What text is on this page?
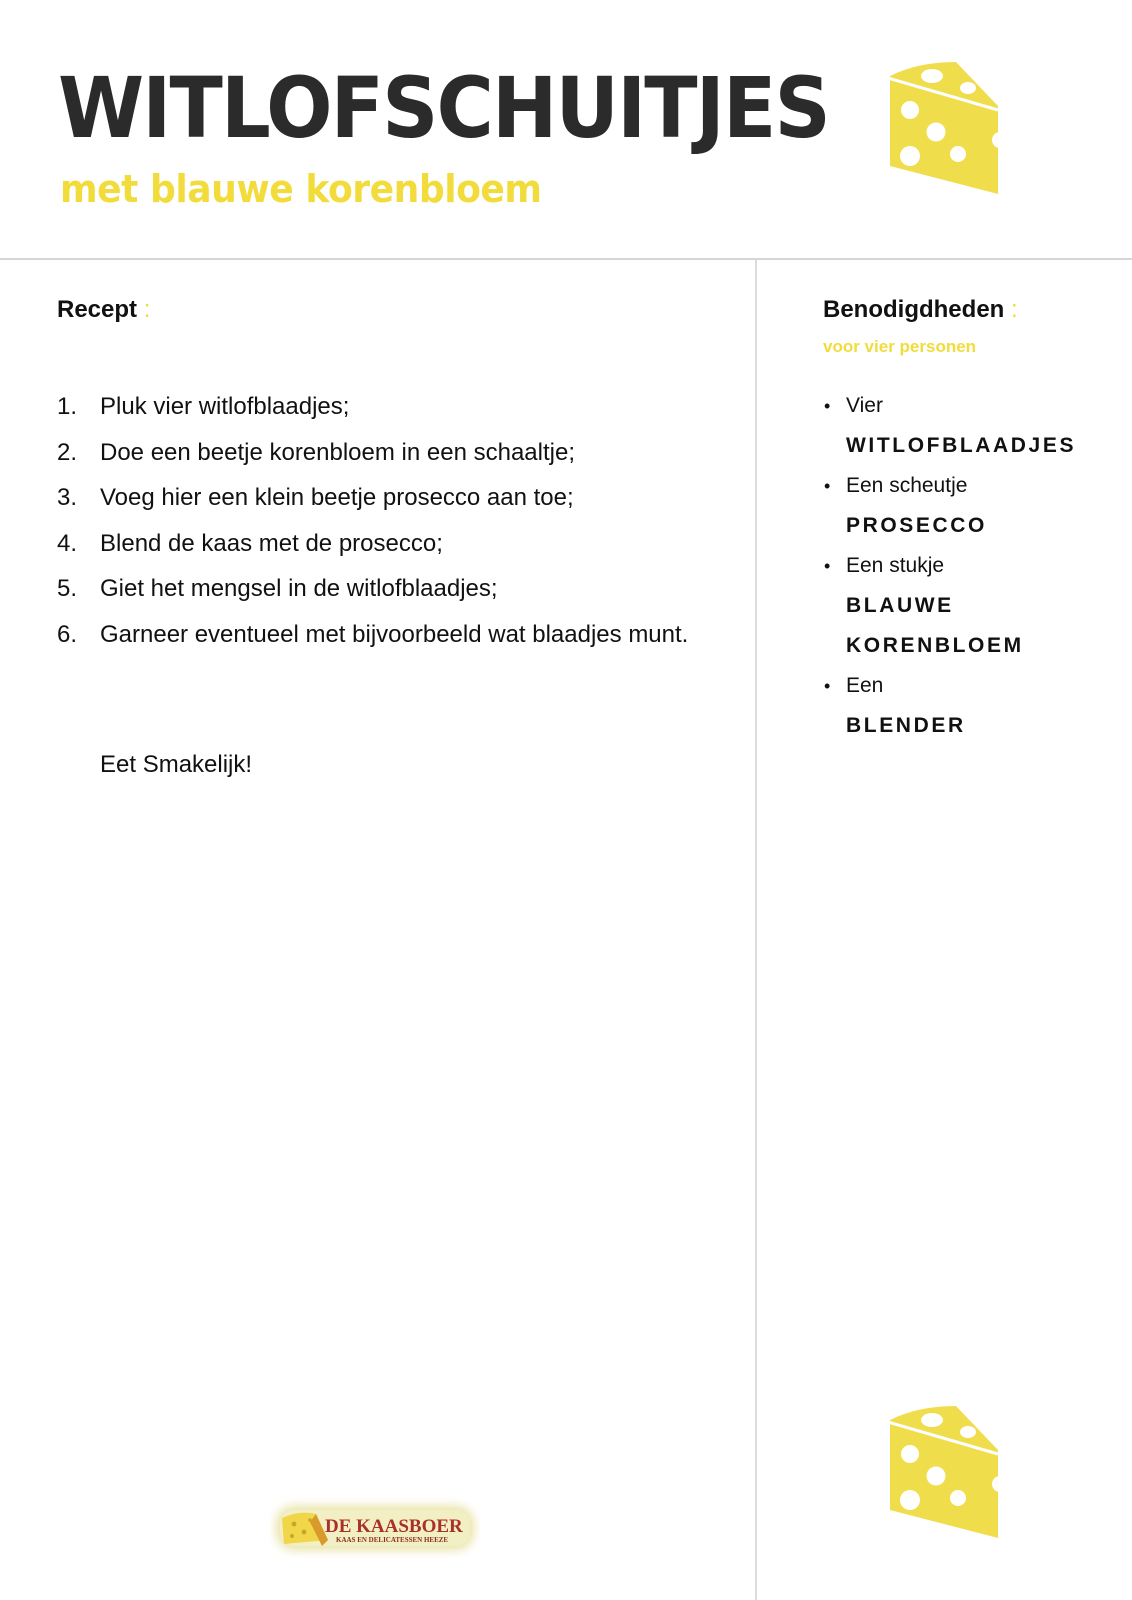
WITLOFSCHUITJES
met blauwe korenbloem
Recept :
1. Pluk vier witlofblaadjes;
2. Doe een beetje korenbloem in een schaaltje;
3. Voeg hier een klein beetje prosecco aan toe;
4. Blend de kaas met de prosecco;
5. Giet het mengsel in de witlofblaadjes;
6. Garneer eventueel met bijvoorbeeld wat blaadjes munt.
Eet Smakelijk!
Benodigdheden :
voor vier personen
• Vier
WITLOFBLAADJES
• Een scheutje
PROSECCO
• Een stukje
BLAUWE
KORENBLOEM
• Een
BLENDER
DE KAASBOER
KAAS EN DELICATESSEN HEEZE
